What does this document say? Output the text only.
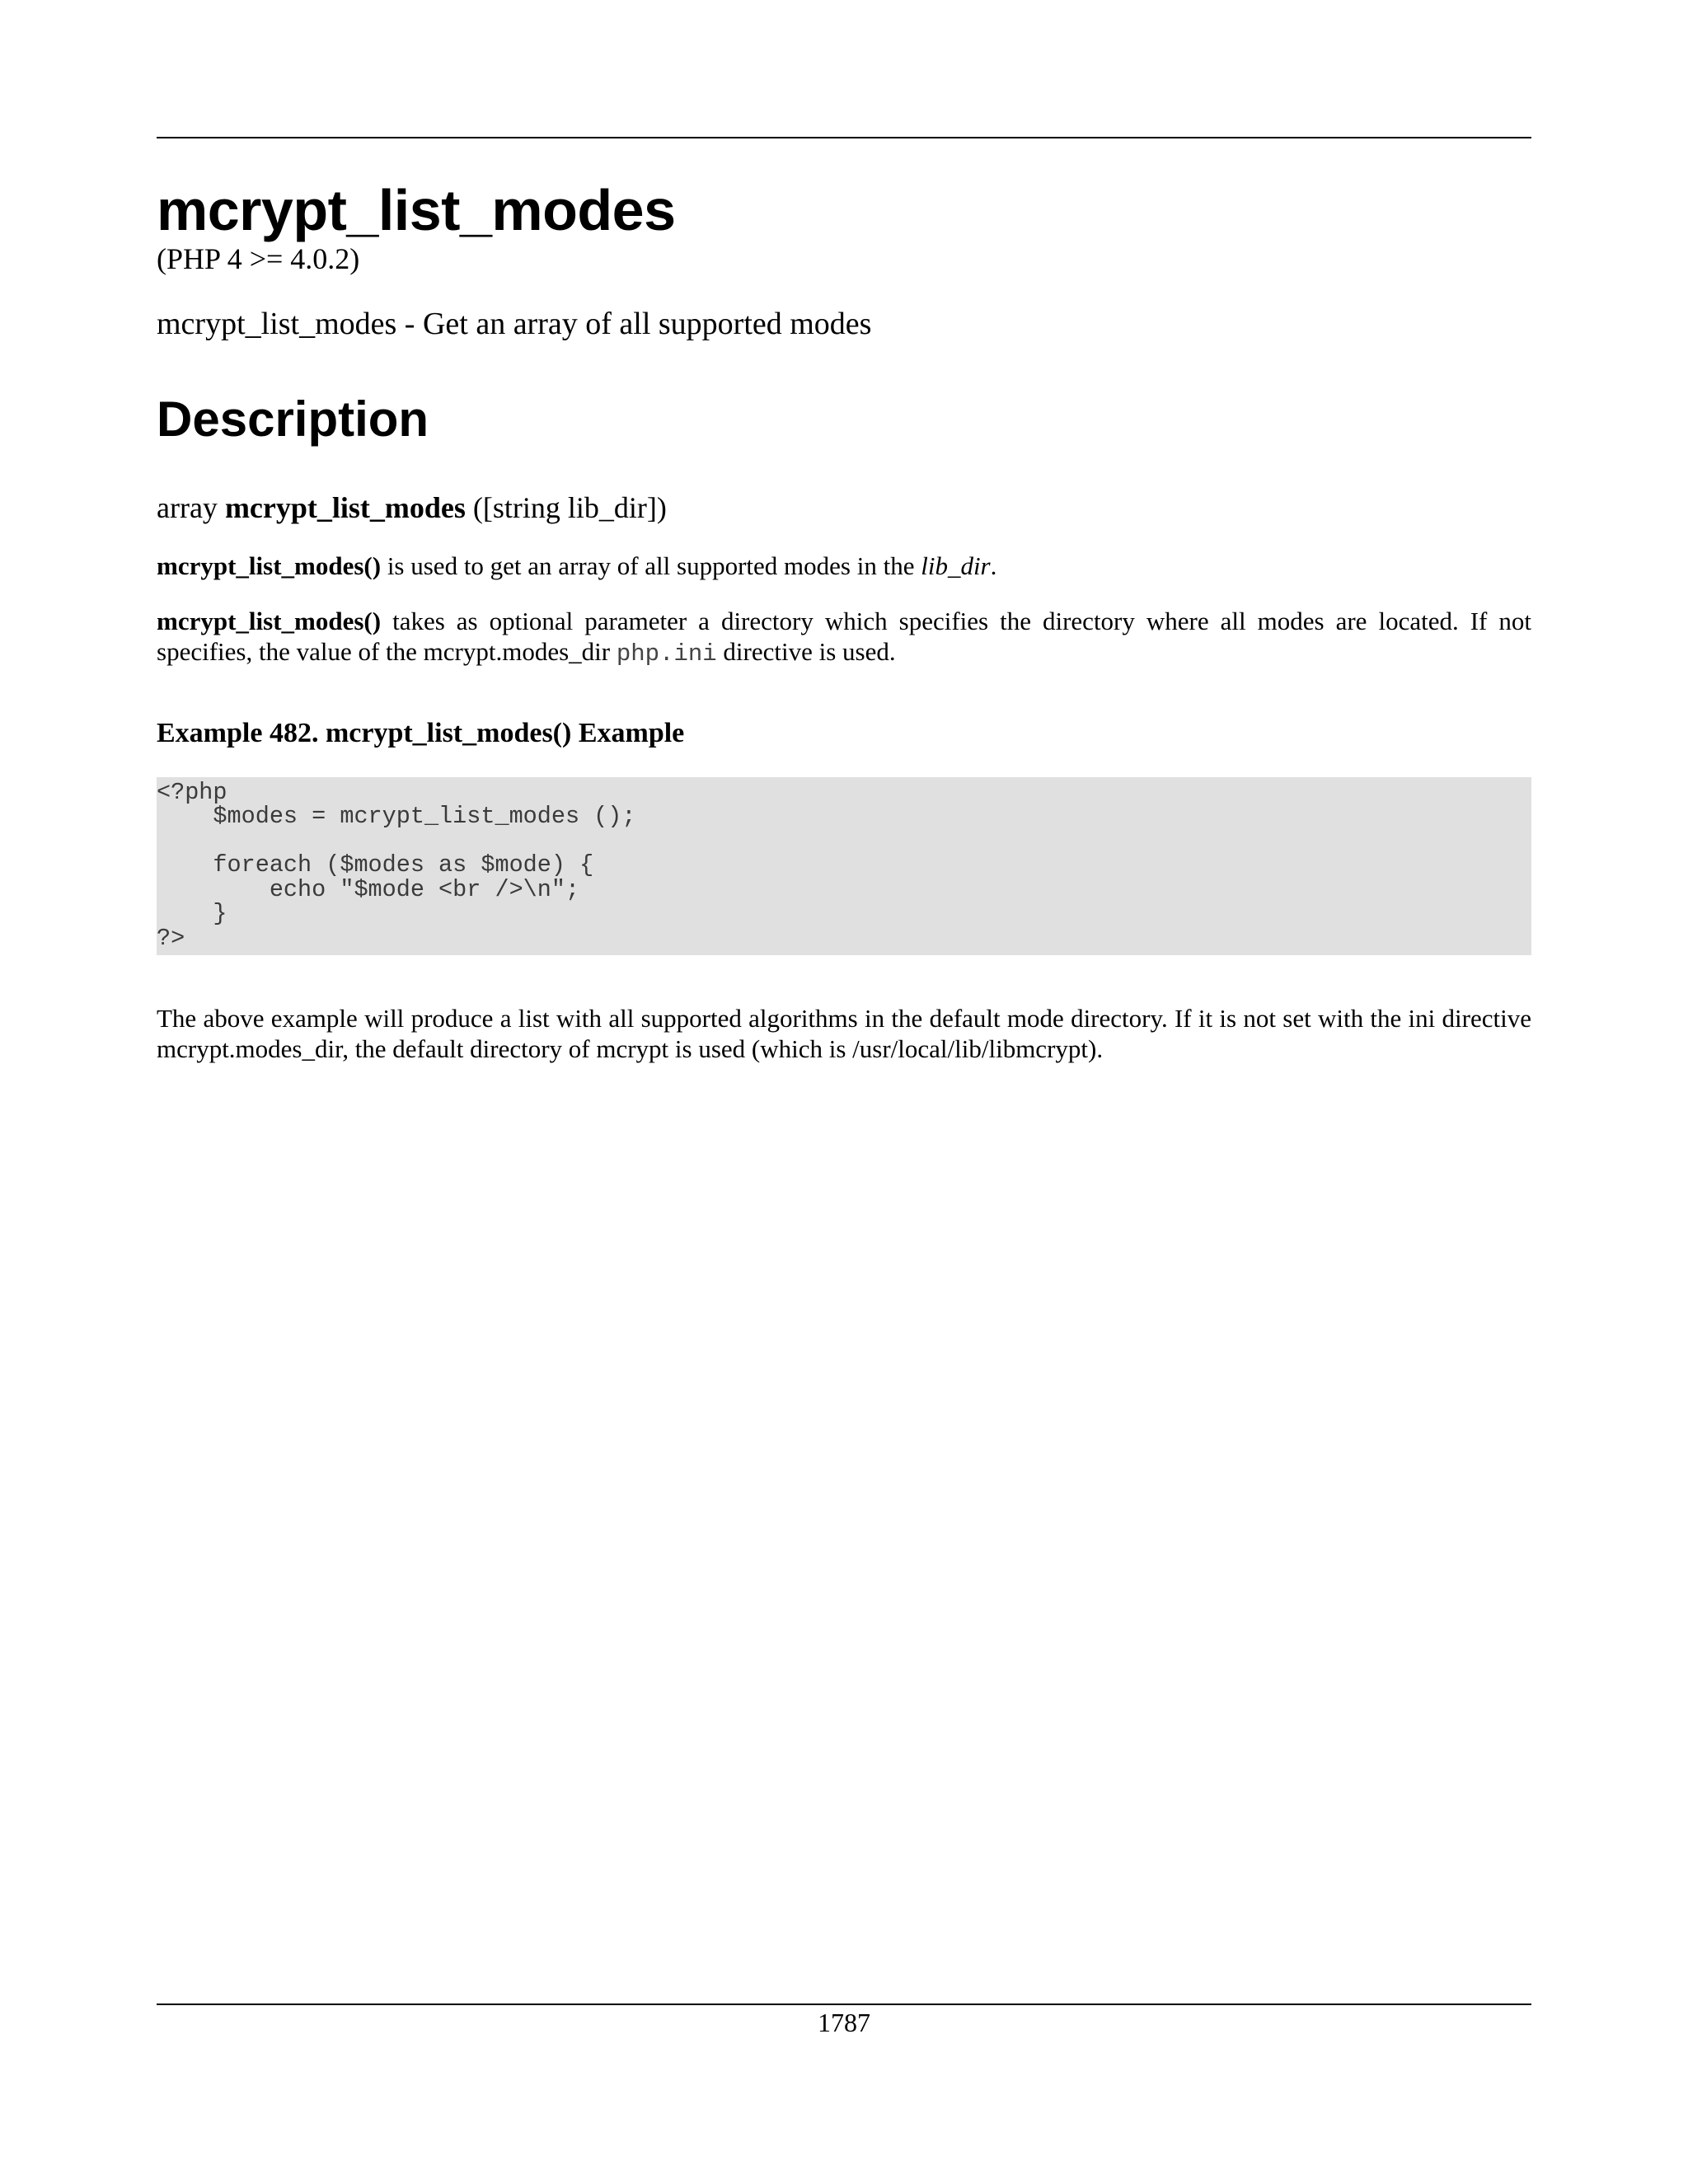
mcrypt_list_modes
(PHP 4 >= 4.0.2)
mcrypt_list_modes - Get an array of all supported modes
Description
array mcrypt_list_modes ([string lib_dir])

mcrypt_list_modes() is used to get an array of all supported modes in the lib_dir.

mcrypt_list_modes() takes as optional parameter a directory which specifies the directory where all modes are located. If not specifies, the value of the mcrypt.modes_dir php.ini directive is used.

Example 482. mcrypt_list_modes() Example
<?php
$modes = mcrypt_list_modes ();
foreach ($modes as $mode) {
echo "$mode <br />\n";
}
?>

The above example will produce a list with all supported algorithms in the default mode directory. If it is not set with the ini directive mcrypt.modes_dir, the default directory of mcrypt is used (which is /usr/local/lib/libmcrypt).

1787
